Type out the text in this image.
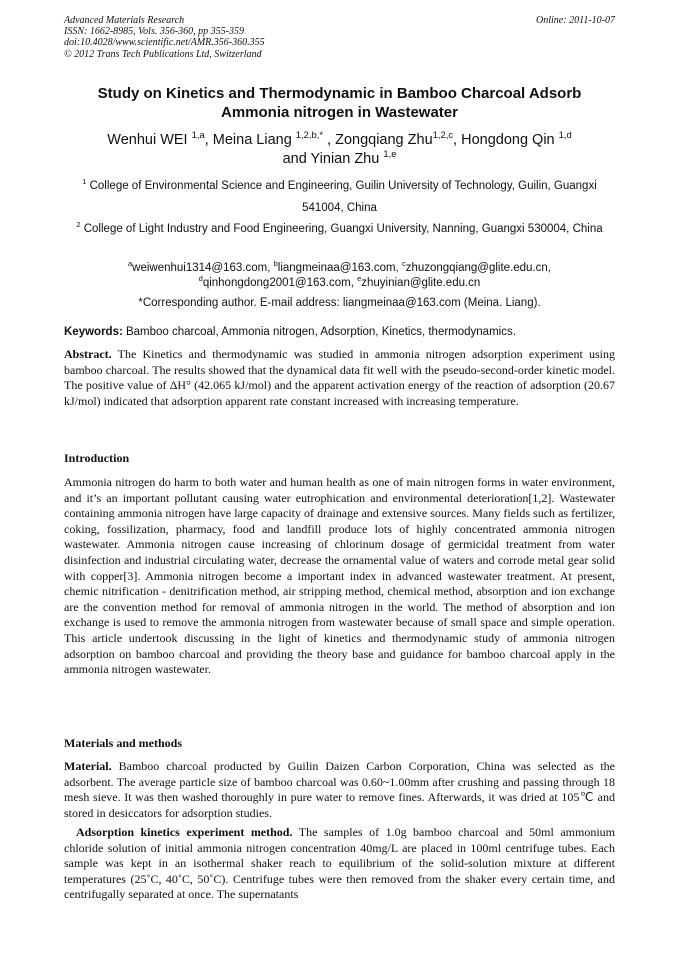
Advanced Materials Research
ISSN: 1662-8985, Vols. 356-360, pp 355-359
doi:10.4028/www.scientific.net/AMR.356-360.355
© 2012 Trans Tech Publications Ltd, Switzerland
Online: 2011-10-07
Study on Kinetics and Thermodynamic in Bamboo Charcoal Adsorb
Ammonia nitrogen in Wastewater
Wenhui WEI $^{1,a}$, Meina Liang $^{1,2,b,*}$ , Zongqiang Zhu$^{1,2,c}$, Hongdong Qin $^{1,d}$
and Yinian Zhu $^{1,e}$
$^1$ College of Environmental Science and Engineering, Guilin University of Technology, Guilin, Guangxi 541004, China
$^2$ College of Light Industry and Food Engineering, Guangxi University, Nanning, Guangxi 530004, China
$^a$weiwenhui1314@163.com, $^b$liangmeinaa@163.com, $^c$zhuzongqiang@glite.edu.cn,
$^d$qinhongdong2001@163.com, $^e$zhuyinian@glite.edu.cn
*Corresponding author. E-mail address: liangmeinaa@163.com (Meina. Liang).
Keywords: Bamboo charcoal, Ammonia nitrogen, Adsorption, Kinetics, thermodynamics.
Abstract. The Kinetics and thermodynamic was studied in ammonia nitrogen adsorption experiment using bamboo charcoal. The results showed that the dynamical data fit well with the pseudo-second-order kinetic model. The positive value of ΔH° (42.065 kJ/mol) and the apparent activation energy of the reaction of adsorption (20.67 kJ/mol) indicated that adsorption apparent rate constant increased with increasing temperature.
Introduction
Ammonia nitrogen do harm to both water and human health as one of main nitrogen forms in water environment, and it’s an important pollutant causing water eutrophication and environmental deterioration[1,2]. Wastewater containing ammonia nitrogen have large capacity of drainage and extensive sources. Many fields such as fertilizer, coking, fossilization, pharmacy, food and landfill produce lots of highly concentrated ammonia nitrogen wastewater. Ammonia nitrogen cause increasing of chlorinum dosage of germicidal treatment from water disinfection and industrial circulating water, decrease the ornamental value of waters and corrode metal gear solid with copper[3]. Ammonia nitrogen become a important index in advanced wastewater treatment. At present, chemic nitrification - denitrification method, air stripping method, chemical method, absorption and ion exchange are the convention method for removal of ammonia nitrogen in the world. The method of absorption and ion exchange is used to remove the ammonia nitrogen from wastewater because of small space and simple operation. This article undertook discussing in the light of kinetics and thermodynamic study of ammonia nitrogen adsorption on bamboo charcoal and providing the theory base and guidance for bamboo charcoal apply in the ammonia nitrogen wastewater.
Materials and methods
Material. Bamboo charcoal producted by Guilin Daizen Carbon Corporation, China was selected as the adsorbent. The average particle size of bamboo charcoal was 0.60~1.00mm after crushing and passing through 18 mesh sieve. It was then washed thoroughly in pure water to remove fines. Afterwards, it was dried at 105℃ and stored in desiccators for adsorption studies.
Adsorption kinetics experiment method. The samples of 1.0g bamboo charcoal and 50ml ammonium chloride solution of initial ammonia nitrogen concentration 40mg/L are placed in 100ml centrifuge tubes. Each sample was kept in an isothermal shaker reach to equilibrium of the solid-solution mixture at different temperatures (25˚C, 40˚C, 50˚C). Centrifuge tubes were then removed from the shaker every certain time, and centrifugally separated at once. The supernatants
